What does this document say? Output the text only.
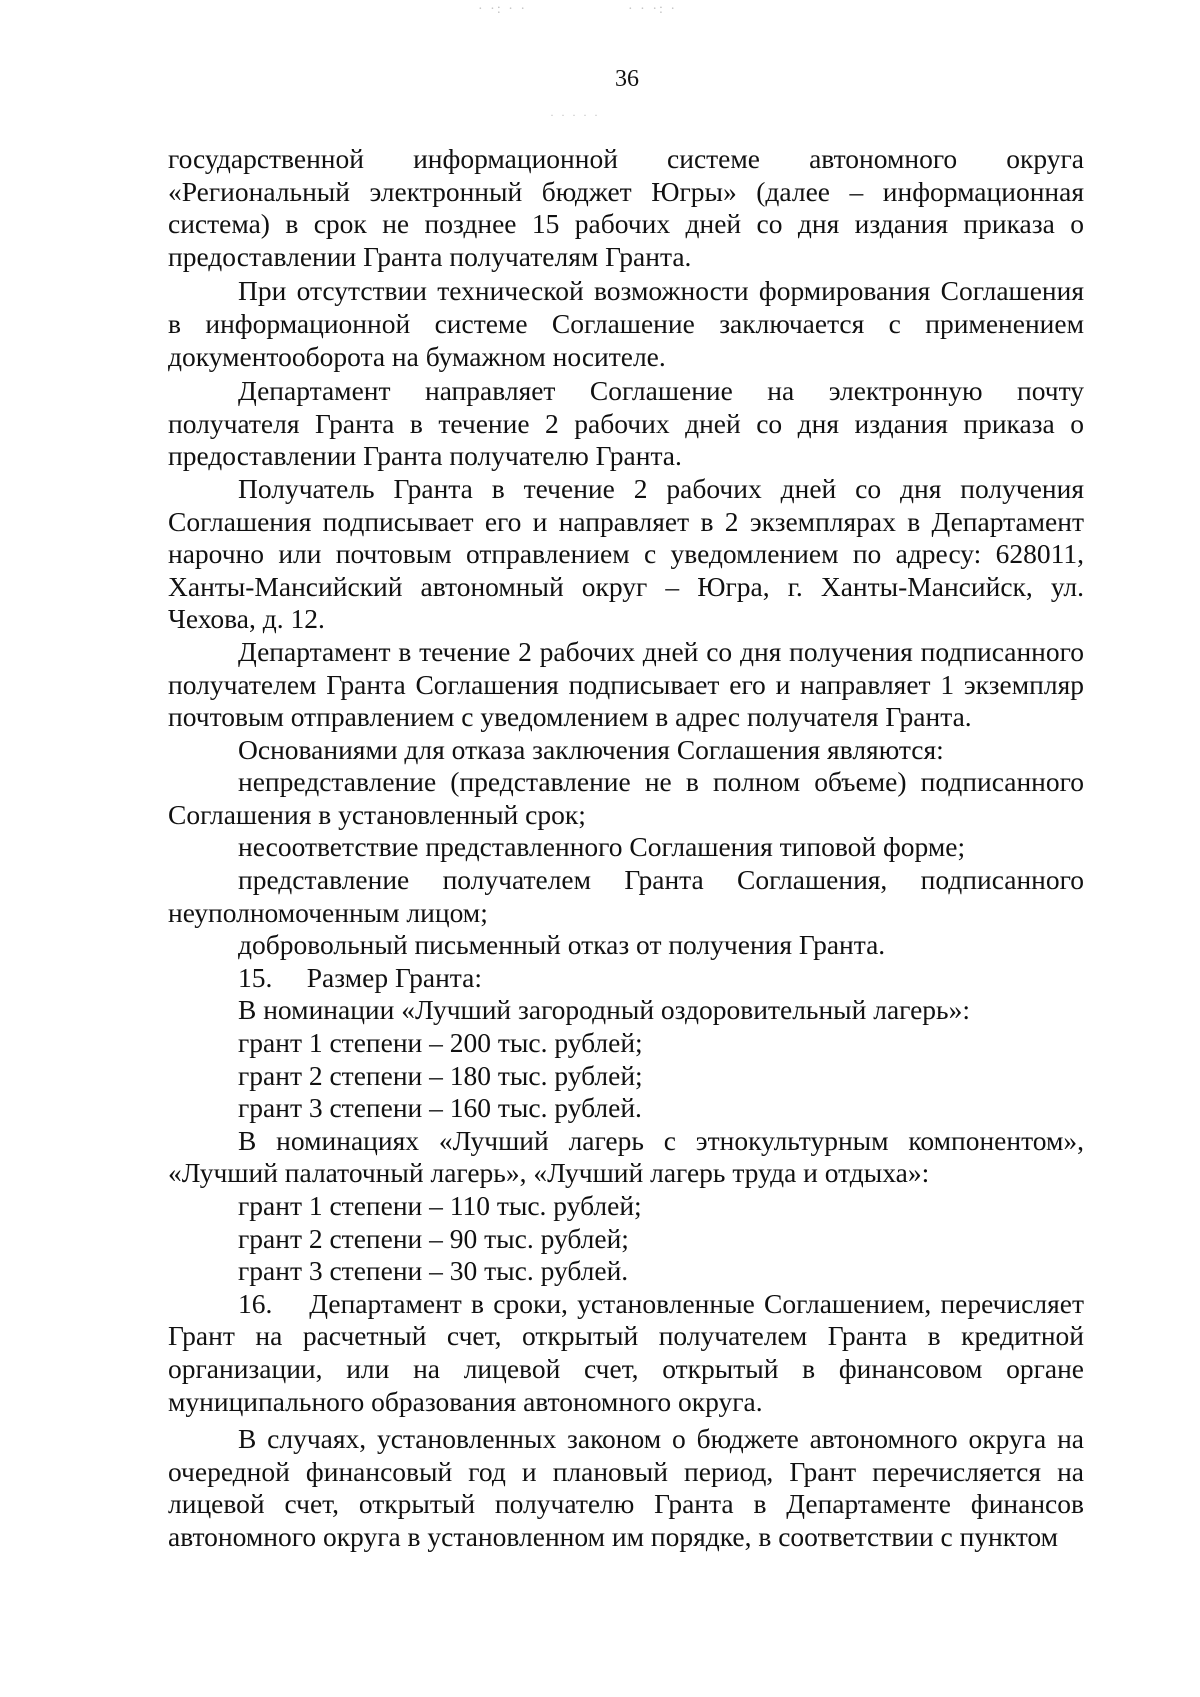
· ·: · ·	· · ·: ·
36
· · · · ·

государственной информационной системе автономного округа «Региональный электронный бюджет Югры» (далее – информационная система) в срок не позднее 15 рабочих дней со дня издания приказа о предоставлении Гранта получателям Гранта.

При отсутствии технической возможности формирования Соглашения в информационной системе Соглашение заключается с применением документооборота на бумажном носителе.

Департамент направляет Соглашение на электронную почту получателя Гранта в течение 2 рабочих дней со дня издания приказа о предоставлении Гранта получателю Гранта.

Получатель Гранта в течение 2 рабочих дней со дня получения Соглашения подписывает его и направляет в 2 экземплярах в Департамент нарочно или почтовым отправлением с уведомлением по адресу: 628011, Ханты-Мансийский автономный округ – Югра, г. Ханты-Мансийск, ул. Чехова, д. 12.

Департамент в течение 2 рабочих дней со дня получения подписанного получателем Гранта Соглашения подписывает его и направляет 1 экземпляр почтовым отправлением с уведомлением в адрес получателя Гранта.

Основаниями для отказа заключения Соглашения являются:

непредставление (представление не в полном объеме) подписанного Соглашения в установленный срок;

несоответствие представленного Соглашения типовой форме;

представление получателем Гранта Соглашения, подписанного неуполномоченным лицом;

добровольный письменный отказ от получения Гранта.

15.     Размер Гранта:

В номинации «Лучший загородный оздоровительный лагерь»:

грант 1 степени – 200 тыс. рублей;

грант 2 степени – 180 тыс. рублей;

грант 3 степени – 160 тыс. рублей.

В номинациях «Лучший лагерь с этнокультурным компонентом», «Лучший палаточный лагерь», «Лучший лагерь труда и отдыха»:

грант 1 степени – 110 тыс. рублей;

грант 2 степени – 90 тыс. рублей;

грант 3 степени – 30 тыс. рублей.

16.    Департамент в сроки, установленные Соглашением, перечисляет Грант на расчетный счет, открытый получателем Гранта в кредитной организации, или на лицевой счет, открытый в финансовом органе муниципального образования автономного округа.

В случаях, установленных законом о бюджете автономного округа на очередной финансовый год и плановый период, Грант перечисляется на лицевой счет, открытый получателю Гранта в Департаменте финансов автономного округа в установленном им порядке, в соответствии с пунктом
